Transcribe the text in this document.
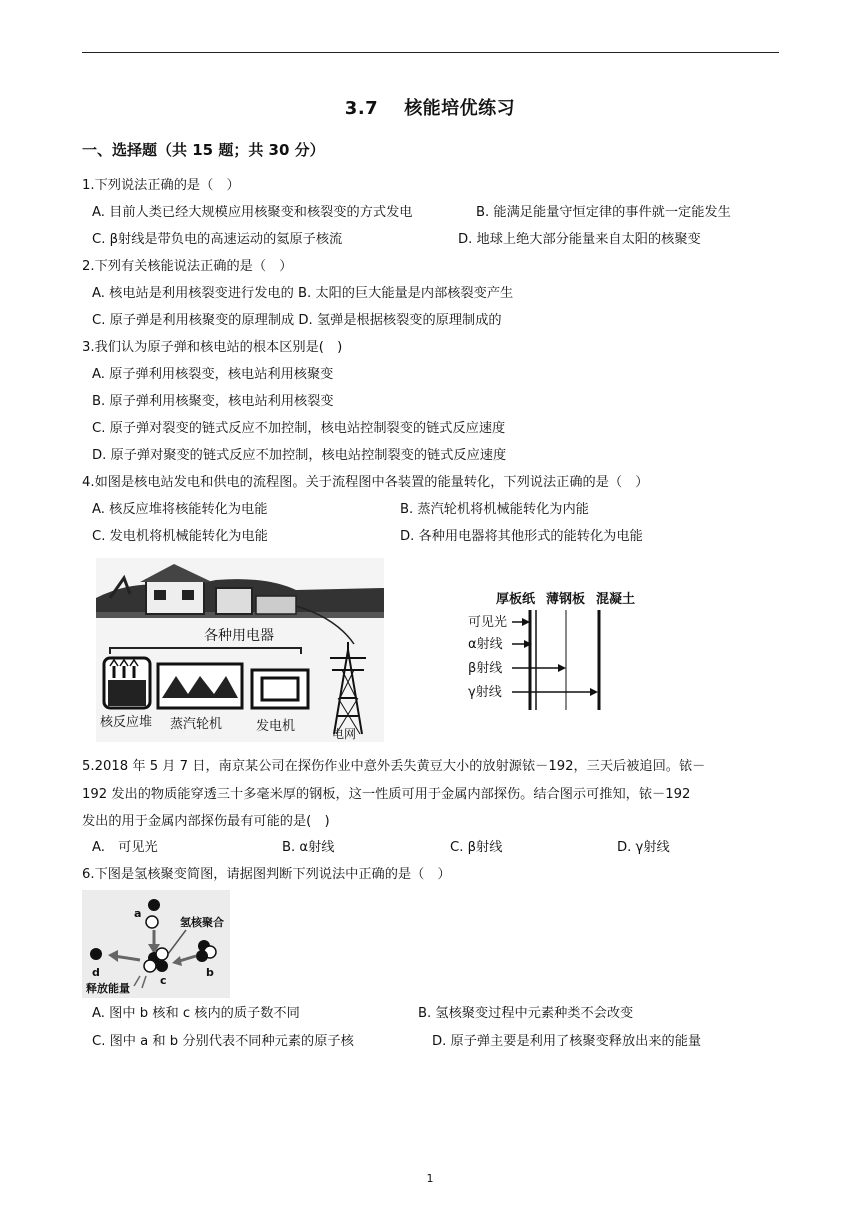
3.7 核能培优练习
一、选择题（共 15 题；共 30 分）
1.下列说法正确的是（　）
A. 目前人类已经大规模应用核聚变和核裂变的方式发电	B. 能满足能量守恒定律的事件就一定能发生
C. β射线是带负电的高速运动的氦原子核流	D. 地球上绝大部分能量来自太阳的核聚变
2.下列有关核能说法正确的是（　）
A. 核电站是利用核裂变进行发电的 B. 太阳的巨大能量是内部核裂变产生
C. 原子弹是利用核聚变的原理制成 D. 氢弹是根据核裂变的原理制成的
3.我们认为原子弹和核电站的根本区别是(　)
A. 原子弹利用核裂变，核电站利用核聚变
B. 原子弹利用核聚变，核电站利用核裂变
C. 原子弹对裂变的链式反应不加控制，核电站控制裂变的链式反应速度
D. 原子弹对聚变的链式反应不加控制，核电站控制裂变的链式反应速度
4.如图是核电站发电和供电的流程图。关于流程图中各装置的能量转化，下列说法正确的是（　）
A. 核反应堆将核能转化为电能	B. 蒸汽轮机将机械能转化为内能
C. 发电机将机械能转化为电能	D. 各种用电器将其他形式的能转化为电能
各种用电器
核反应堆 蒸汽轮机	发电机	电网
厚板纸 薄钢板 混凝土
可见光
α射线
β射线
γ射线
5.2018 年 5 月 7 日，南京某公司在探伤作业中意外丢失黄豆大小的放射源铱－192，三天后被追回。铱－
192 发出的物质能穿透三十多毫米厚的钢板，这一性质可用于金属内部探伤。结合图示可推知，铱－192
发出的用于金属内部探伤最有可能的是(　)
A.　可见光	B. α射线	C. β射线	D. γ射线
6.下图是氢核聚变简图，请据图判断下列说法中正确的是（　）
a
氢核聚合
c
b
d
释放能量
A. 图中 b 核和 c 核内的质子数不同	B. 氢核聚变过程中元素种类不会改变
C. 图中 a 和 b 分别代表不同种元素的原子核	D. 原子弹主要是利用了核聚变释放出来的能量
1
